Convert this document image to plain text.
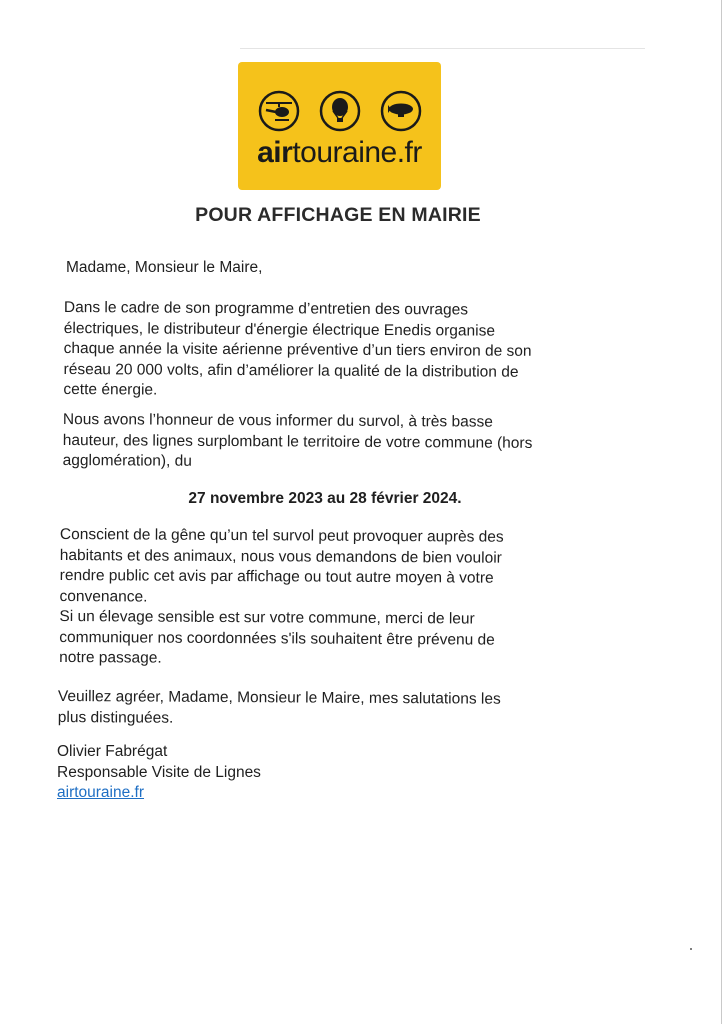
airtouraine.fr
POUR AFFICHAGE EN MAIRIE
Madame, Monsieur le Maire,
Dans le cadre de son programme d’entretien des ouvrages
électriques, le distributeur d'énergie électrique Enedis organise
chaque année la visite aérienne préventive d’un tiers environ de son
réseau 20 000 volts, afin d’améliorer la qualité de la distribution de
cette énergie.
Nous avons l’honneur de vous informer du survol, à très basse
hauteur, des lignes surplombant le territoire de votre commune (hors
agglomération), du
27 novembre 2023 au 28 février 2024.
Conscient de la gêne qu’un tel survol peut provoquer auprès des
habitants et des animaux, nous vous demandons de bien vouloir
rendre public cet avis par affichage ou tout autre moyen à votre
convenance.
Si un élevage sensible est sur votre commune, merci de leur
communiquer nos coordonnées s'ils souhaitent être prévenu de
notre passage.
Veuillez agréer, Madame, Monsieur le Maire, mes salutations les
plus distinguées.
Olivier Fabrégat
Responsable Visite de Lignes
airtouraine.fr
